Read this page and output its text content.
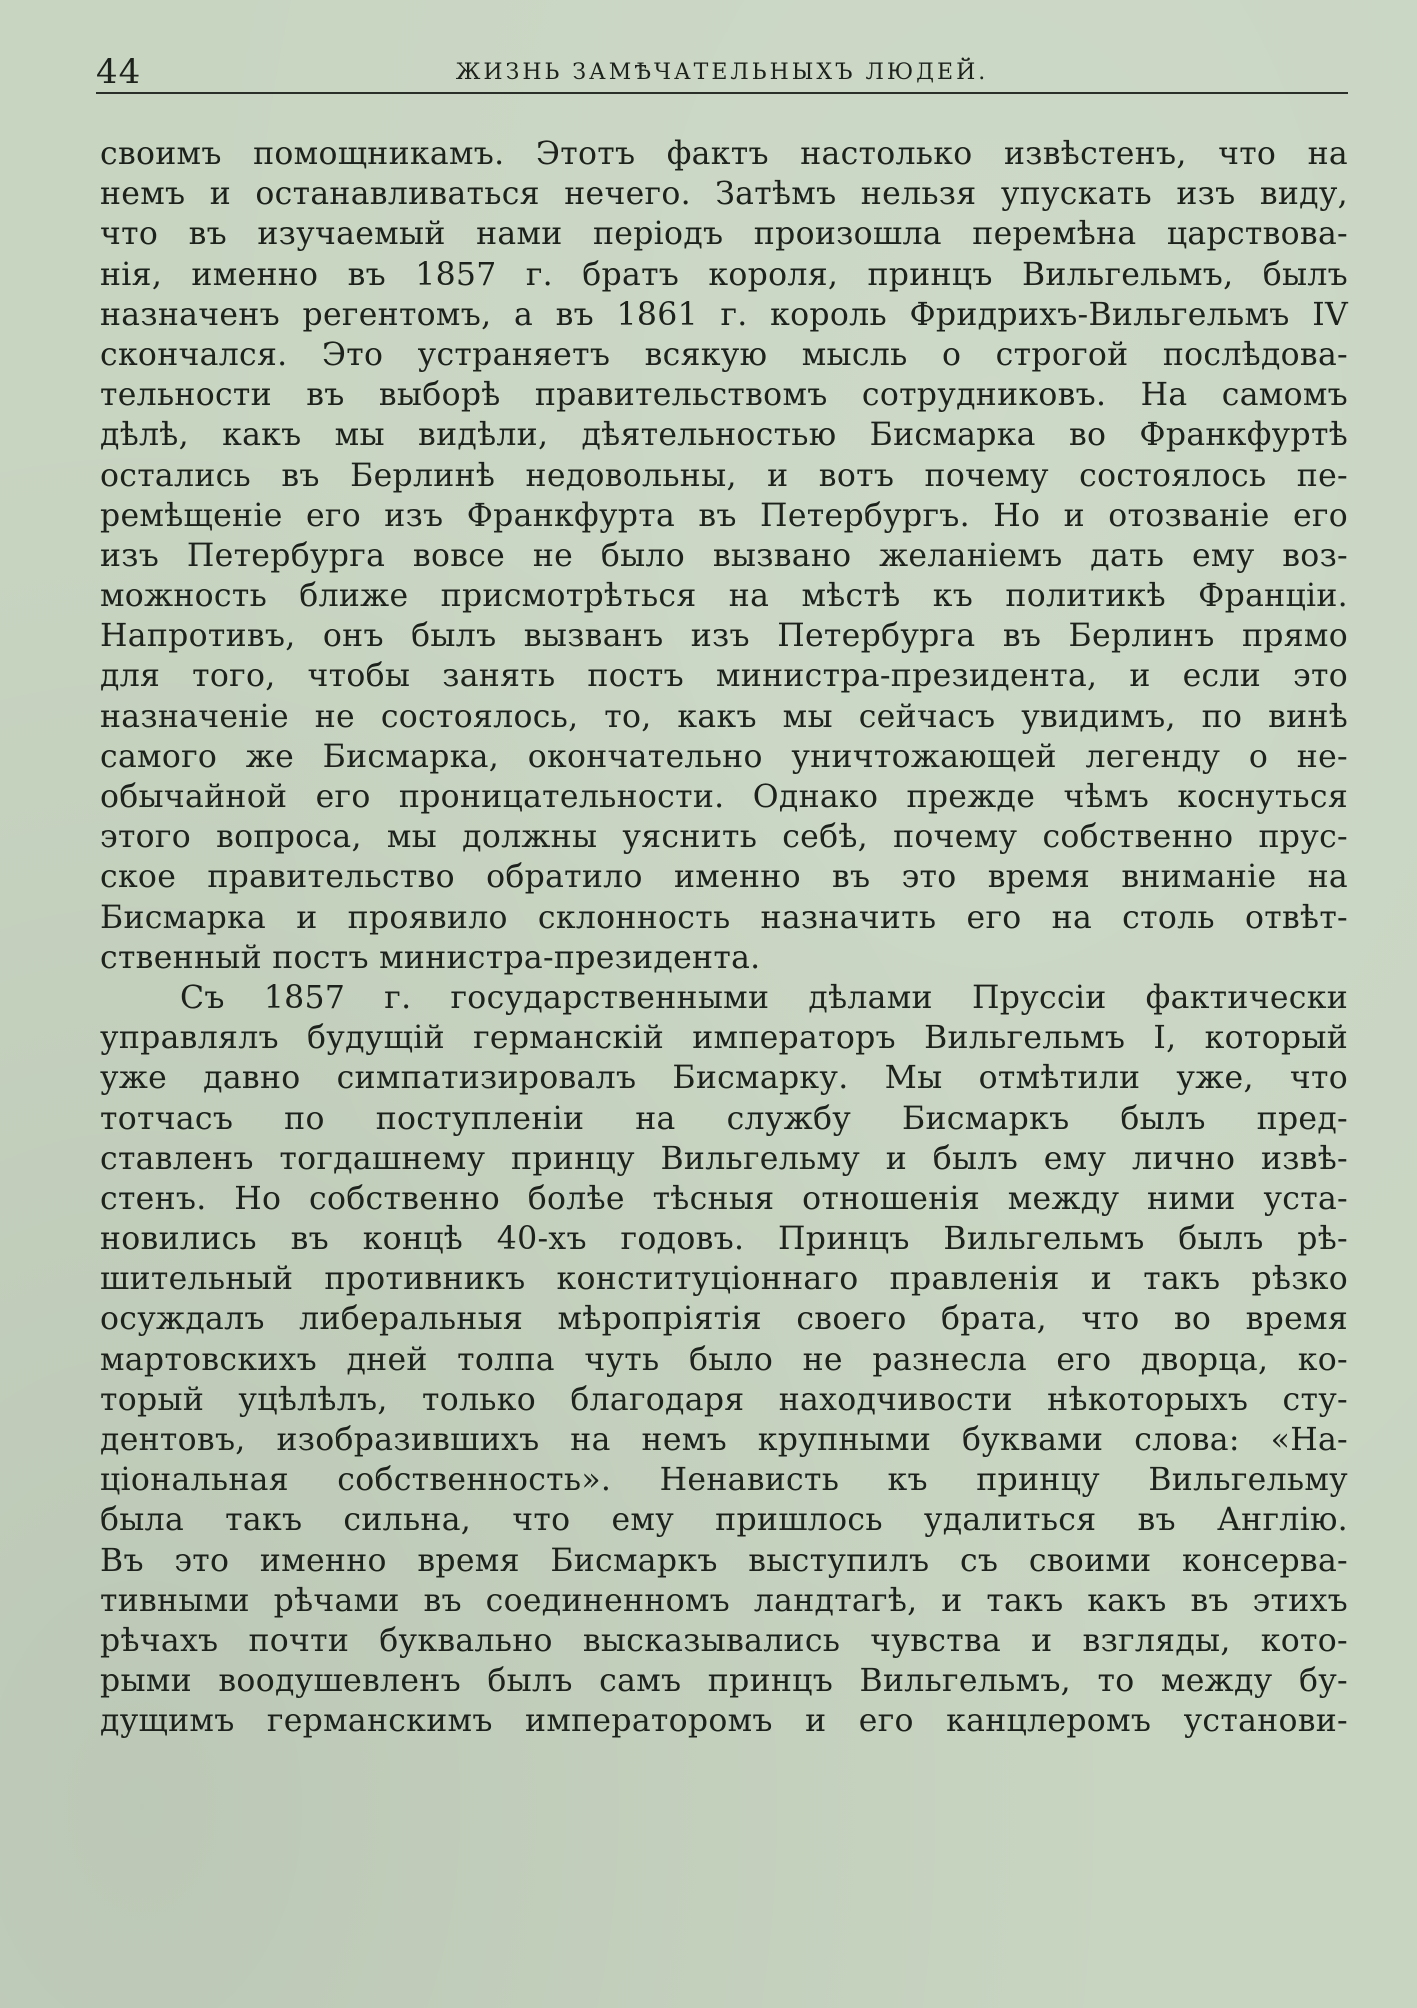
44	ЖИЗНЬ ЗАМѢЧАТЕЛЬНЫХЪ ЛЮДЕЙ.
своимъ помощникамъ. Этотъ фактъ настолько извѣстенъ, что на
немъ и останавливаться нечего. Затѣмъ нельзя упускать изъ виду,
что въ изучаемый нами періодъ произошла перемѣна царствова-
нія, именно въ 1857 г. братъ короля, принцъ Вильгельмъ, былъ
назначенъ регентомъ, а въ 1861 г. король Фридрихъ-Вильгельмъ IV
скончался. Это устраняетъ всякую мысль о строгой послѣдова-
тельности въ выборѣ правительствомъ сотрудниковъ. На самомъ
дѣлѣ, какъ мы видѣли, дѣятельностью Бисмарка во Франкфуртѣ
остались въ Берлинѣ недовольны, и вотъ почему состоялось пе-
ремѣщеніе его изъ Франкфурта въ Петербургъ. Но и отозваніе его
изъ Петербурга вовсе не было вызвано желаніемъ дать ему воз-
можность ближе присмотрѣться на мѣстѣ къ политикѣ Франціи.
Напротивъ, онъ былъ вызванъ изъ Петербурга въ Берлинъ прямо
для того, чтобы занять постъ министра-президента, и если это
назначеніе не состоялось, то, какъ мы сейчасъ увидимъ, по винѣ
самого же Бисмарка, окончательно уничтожающей легенду о не-
обычайной его проницательности. Однако прежде чѣмъ коснуться
этого вопроса, мы должны уяснить себѣ, почему собственно прус-
ское правительство обратило именно въ это время вниманіе на
Бисмарка и проявило склонность назначить его на столь отвѣт-
ственный постъ министра-президента.
Съ 1857 г. государственными дѣлами Пруссіи фактически
управлялъ будущій германскій императоръ Вильгельмъ I, который
уже давно симпатизировалъ Бисмарку. Мы отмѣтили уже, что
тотчасъ по поступленіи на службу Бисмаркъ былъ пред-
ставленъ тогдашнему принцу Вильгельму и былъ ему лично извѣ-
стенъ. Но собственно болѣе тѣсныя отношенія между ними уста-
новились въ концѣ 40-хъ годовъ. Принцъ Вильгельмъ былъ рѣ-
шительный противникъ конституціоннаго правленія и такъ рѣзко
осуждалъ либеральныя мѣропріятія своего брата, что во время
мартовскихъ дней толпа чуть было не разнесла его дворца, ко-
торый уцѣлѣлъ, только благодаря находчивости нѣкоторыхъ сту-
дентовъ, изобразившихъ на немъ крупными буквами слова: «На-
ціональная собственность». Ненависть къ принцу Вильгельму
была такъ сильна, что ему пришлось удалиться въ Англію.
Въ это именно время Бисмаркъ выступилъ съ своими консерва-
тивными рѣчами въ соединенномъ ландтагѣ, и такъ какъ въ этихъ
рѣчахъ почти буквально высказывались чувства и взгляды, кото-
рыми воодушевленъ былъ самъ принцъ Вильгельмъ, то между бу-
дущимъ германскимъ императоромъ и его канцлеромъ установи-
